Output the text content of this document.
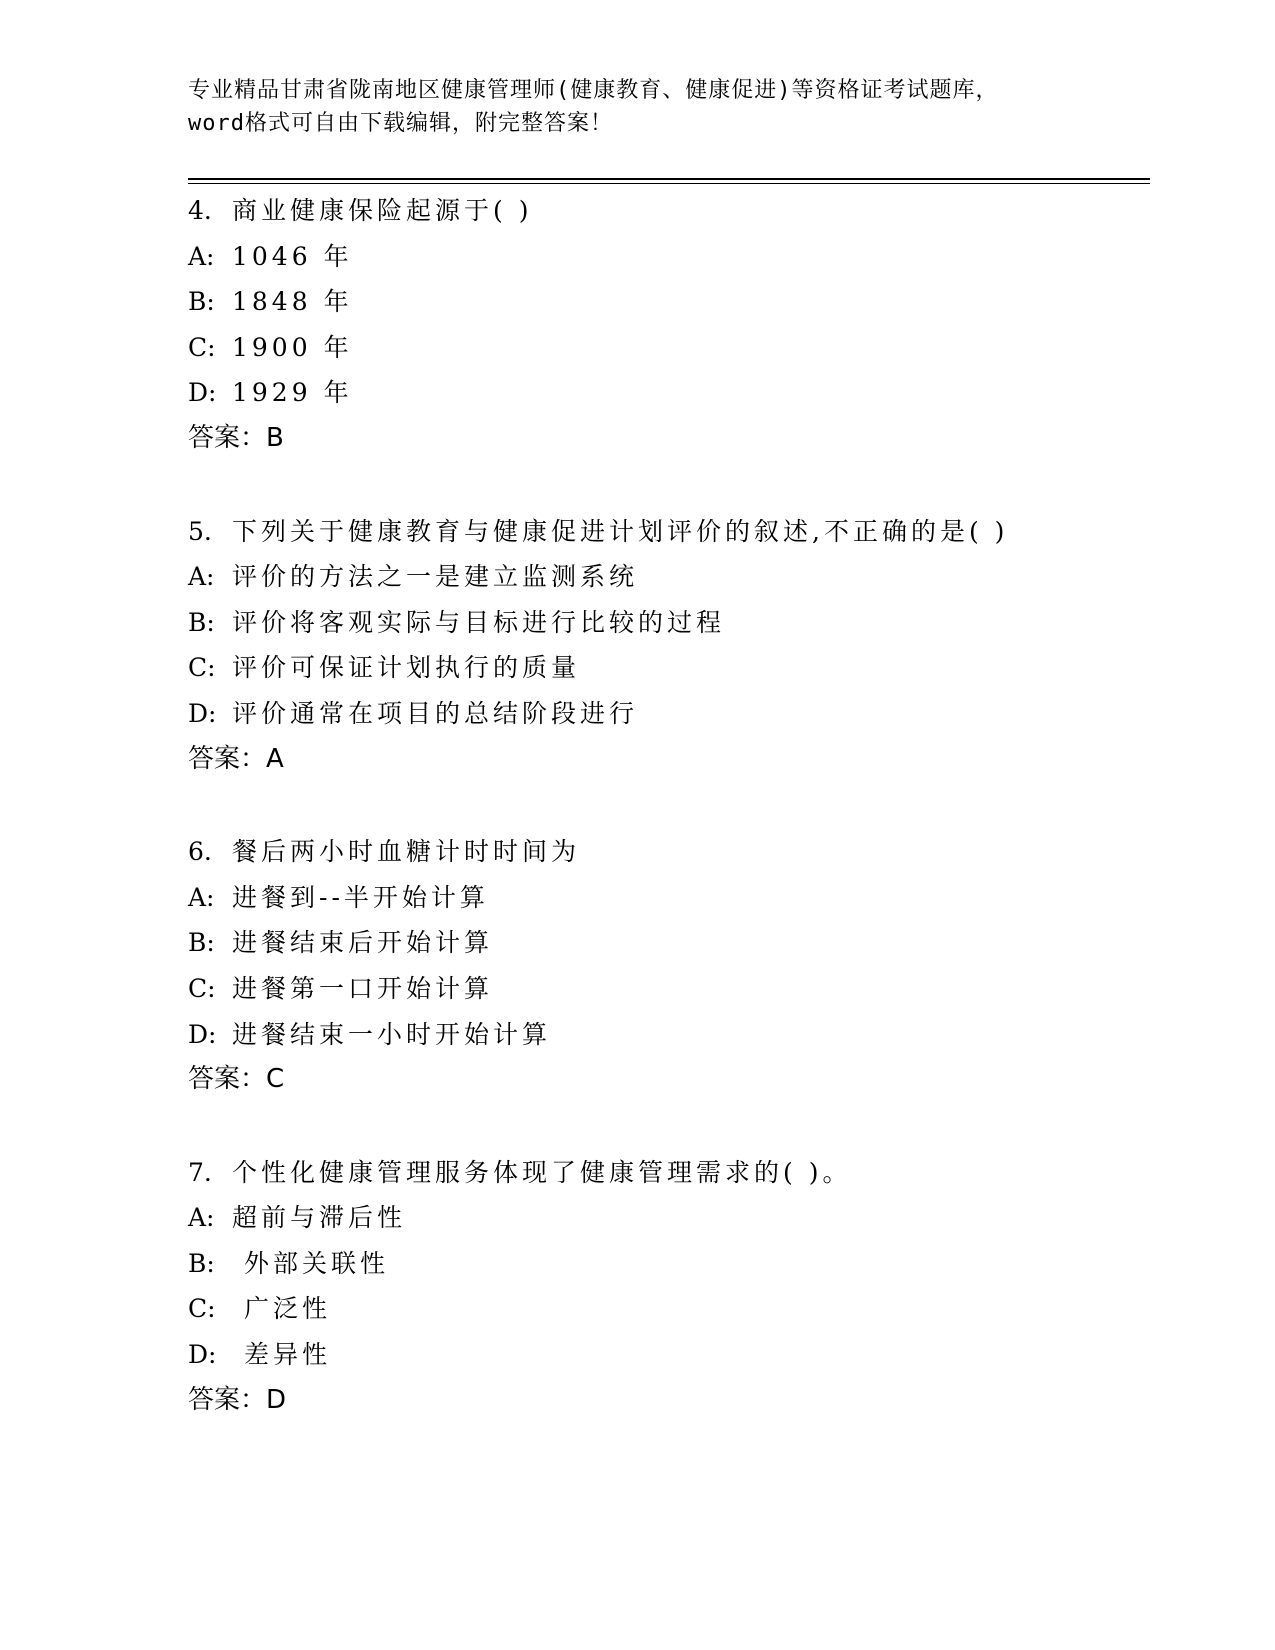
专业精品甘肃省陇南地区健康管理师(健康教育、健康促进)等资格证考试题库，
word格式可自由下载编辑，附完整答案！
4. 商业健康保险起源于( )
A: 1046 年
B: 1848 年
C: 1900 年
D: 1929 年
答案：B
5. 下列关于健康教育与健康促进计划评价的叙述,不正确的是( )
A: 评价的方法之一是建立监测系统
B: 评价将客观实际与目标进行比较的过程
C: 评价可保证计划执行的质量
D: 评价通常在项目的总结阶段进行
答案：A
6. 餐后两小时血糖计时时间为
A: 进餐到--半开始计算
B: 进餐结束后开始计算
C: 进餐第一口开始计算
D: 进餐结束一小时开始计算
答案：C
7. 个性化健康管理服务体现了健康管理需求的( )。
A: 超前与滞后性
B: 外部关联性
C: 广泛性
D: 差异性
答案：D
